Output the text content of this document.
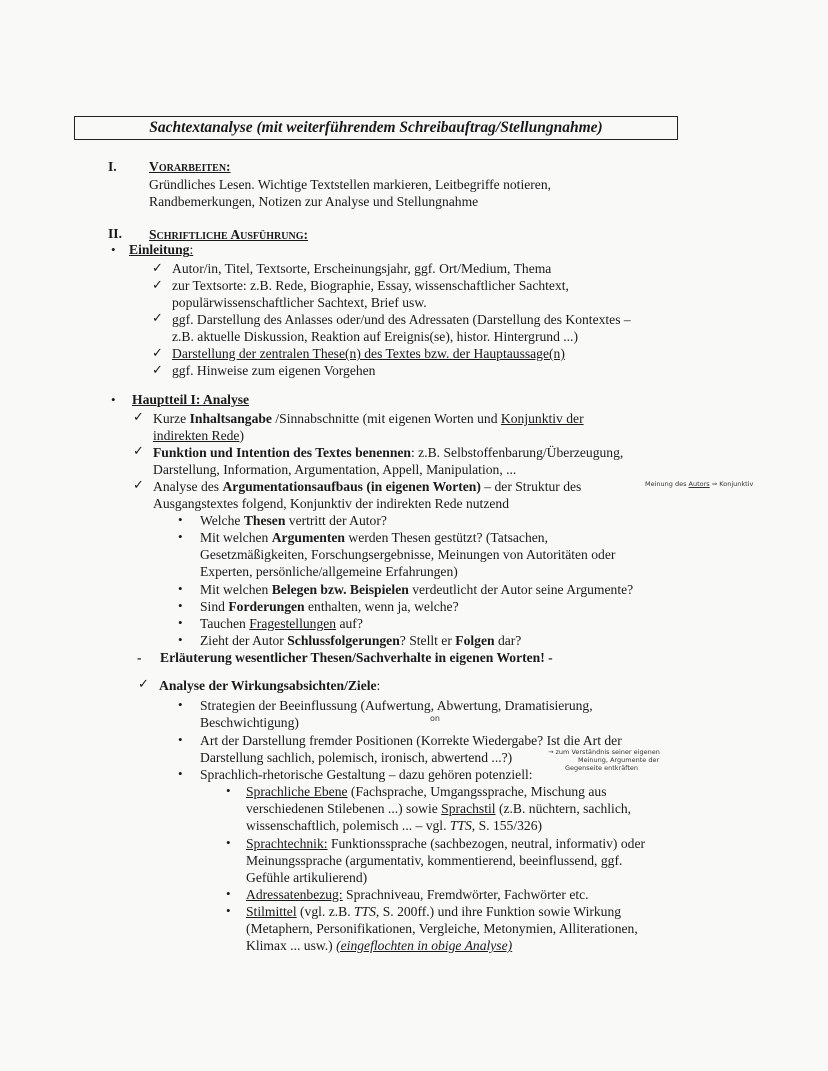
Sachtextanalyse (mit weiterführendem Schreibauftrag/Stellungnahme)
I. Vorarbeiten:
Gründliches Lesen. Wichtige Textstellen markieren, Leitbegriffe notieren,
Randbemerkungen, Notizen zur Analyse und Stellungnahme
II. Schriftliche Ausführung:
• Einleitung:
✓ Autor/in, Titel, Textsorte, Erscheinungsjahr, ggf. Ort/Medium, Thema
✓ zur Textsorte: z.B. Rede, Biographie, Essay, wissenschaftlicher Sachtext,
populärwissenschaftlicher Sachtext, Brief usw.
✓ ggf. Darstellung des Anlasses oder/und des Adressaten (Darstellung des Kontextes –
z.B. aktuelle Diskussion, Reaktion auf Ereignis(se), histor. Hintergrund ...)
✓ Darstellung der zentralen These(n) des Textes bzw. der Hauptaussage(n)
✓ ggf. Hinweise zum eigenen Vorgehen
• Hauptteil I: Analyse
✓ Kurze Inhaltsangabe /Sinnabschnitte (mit eigenen Worten und Konjunktiv der
indirekten Rede)
✓ Funktion und Intention des Textes benennen: z.B. Selbstoffenbarung/Überzeugung,
Darstellung, Information, Argumentation, Appell, Manipulation, ...
✓ Analyse des Argumentationsaufbaus (in eigenen Worten) – der Struktur des
Ausgangstextes folgend, Konjunktiv der indirekten Rede nutzend
Meinung des Autors ⇒ Konjunktiv
• Welche Thesen vertritt der Autor?
• Mit welchen Argumenten werden Thesen gestützt? (Tatsachen,
Gesetzmäßigkeiten, Forschungsergebnisse, Meinungen von Autoritäten oder
Experten, persönliche/allgemeine Erfahrungen)
• Mit welchen Belegen bzw. Beispielen verdeutlicht der Autor seine Argumente?
• Sind Forderungen enthalten, wenn ja, welche?
• Tauchen Fragestellungen auf?
• Zieht der Autor Schlussfolgerungen? Stellt er Folgen dar?
- Erläuterung wesentlicher Thesen/Sachverhalte in eigenen Worten! -
✓ Analyse der Wirkungsabsichten/Ziele:
• Strategien der Beeinflussung (Aufwertung, Abwertung, Dramatisierung,
Beschwichtigung)	on
• Art der Darstellung fremder Positionen (Korrekte Wiedergabe? Ist die Art der
Darstellung sachlich, polemisch, ironisch, abwertend ...?)	→ zum Verständnis seiner eigenen
Meinung, Argumente der
Gegenseite entkräften
• Sprachlich-rhetorische Gestaltung – dazu gehören potenziell:
• Sprachliche Ebene (Fachsprache, Umgangssprache, Mischung aus
verschiedenen Stilebenen ...) sowie Sprachstil (z.B. nüchtern, sachlich,
wissenschaftlich, polemisch ... – vgl. TTS, S. 155/326)
• Sprachtechnik: Funktionssprache (sachbezogen, neutral, informativ) oder
Meinungssprache (argumentativ, kommentierend, beeinflussend, ggf.
Gefühle artikulierend)
• Adressatenbezug: Sprachniveau, Fremdwörter, Fachwörter etc.
• Stilmittel (vgl. z.B. TTS, S. 200ff.) und ihre Funktion sowie Wirkung
(Metaphern, Personifikationen, Vergleiche, Metonymien, Alliterationen,
Klimax ... usw.) (eingeflochten in obige Analyse)
